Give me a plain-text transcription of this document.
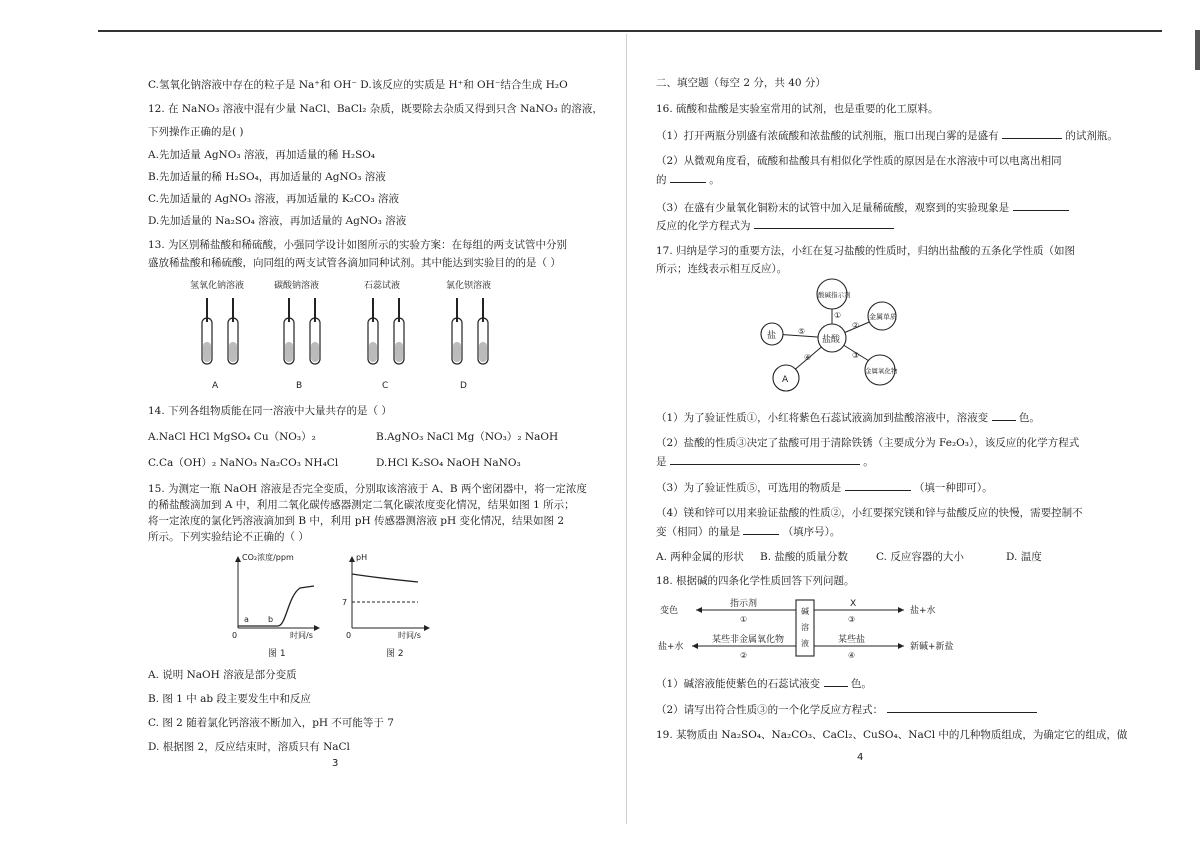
C.氢氧化钠溶液中存在的粒子是 Na⁺和 OH⁻ D.该反应的实质是 H⁺和 OH⁻结合生成 H₂O
12. 在 NaNO₃ 溶液中混有少量 NaCl、BaCl₂ 杂质，既要除去杂质又得到只含 NaNO₃ 的溶液，
下列操作正确的是( )
A.先加适量 AgNO₃ 溶液，再加适量的稀 H₂SO₄
B.先加适量的稀 H₂SO₄，再加适量的 AgNO₃ 溶液
C.先加适量的 AgNO₃ 溶液，再加适量的 K₂CO₃ 溶液
D.先加适量的 Na₂SO₄ 溶液，再加适量的 AgNO₃ 溶液
13. 为区别稀盐酸和稀硫酸，小强同学设计如图所示的实验方案：在每组的两支试管中分别
盛放稀盐酸和稀硫酸，向同组的两支试管各滴加同种试剂。其中能达到实验目的的是（ ）
氢氧化钠溶液
A
碳酸钠溶液
B
石蕊试液
C
氯化钡溶液
D
14. 下列各组物质能在同一溶液中大量共存的是（ ）
A.NaCl HCl MgSO₄ Cu（NO₃）₂	B.AgNO₃ NaCl Mg（NO₃）₂ NaOH
C.Ca（OH）₂ NaNO₃ Na₂CO₃ NH₄Cl	D.HCl K₂SO₄ NaOH NaNO₃
15. 为测定一瓶 NaOH 溶液是否完全变质，分别取该溶液于 A、B 两个密闭器中，将一定浓度
的稀盐酸滴加到 A 中，利用二氧化碳传感器测定二氧化碳浓度变化情况，结果如图 1 所示；
将一定浓度的氯化钙溶液滴加到 B 中，利用 pH 传感器测溶液 pH 变化情况，结果如图 2
所示。下列实验结论不正确的（ ）
CO₂浓度/ppm
0
a b
时间/s
图 1
pH
7
0	时间/s
图 2
A. 说明 NaOH 溶液是部分变质
B. 图 1 中 ab 段主要发生中和反应
C. 图 2 随着氯化钙溶液不断加入，pH 不可能等于 7
D. 根据图 2，反应结束时，溶质只有 NaCl
3
二、填空题（每空 2 分，共 40 分）
16. 硫酸和盐酸是实验室常用的试剂，也是重要的化工原料。
（1）打开两瓶分别盛有浓硫酸和浓盐酸的试剂瓶，瓶口出现白雾的是盛有	的试剂瓶。
（2）从微观角度看，硫酸和盐酸具有相似化学性质的原因是在水溶液中可以电离出相同
的	。
（3）在盛有少量氧化铜粉末的试管中加入足量稀硫酸，观察到的实验现象是
反应的化学方程式为
17. 归纳是学习的重要方法，小红在复习盐酸的性质时，归纳出盐酸的五条化学性质（如图
所示；连线表示相互反应）。
盐酸
酸碱指示剂
金属单质
金属氧化物
A
盐
①
②
③
④
⑤
（1）为了验证性质①，小红将紫色石蕊试液滴加到盐酸溶液中，溶液变	色。
（2）盐酸的性质③决定了盐酸可用于清除铁锈（主要成分为 Fe₂O₃），该反应的化学方程式
是	。
（3）为了验证性质⑤，可选用的物质是	（填一种即可）。
（4）镁和锌可以用来验证盐酸的性质②，小红要探究镁和锌与盐酸反应的快慢，需要控制不
变（相同）的量是	（填序号）。
A. 两种金属的形状 B. 盐酸的质量分数	C. 反应容器的大小	D. 温度
18. 根据碱的四条化学性质回答下列问题。
碱
溶
液
变色
指示剂
①
X
③
盐+水
盐+水
某些非金属氧化物
②
某些盐
④
新碱+新盐
（1）碱溶液能使紫色的石蕊试液变	色。
（2）请写出符合性质③的一个化学反应方程式：
19. 某物质由 Na₂SO₄、Na₂CO₃、CaCl₂、CuSO₄、NaCl 中的几种物质组成，为确定它的组成，做
4
